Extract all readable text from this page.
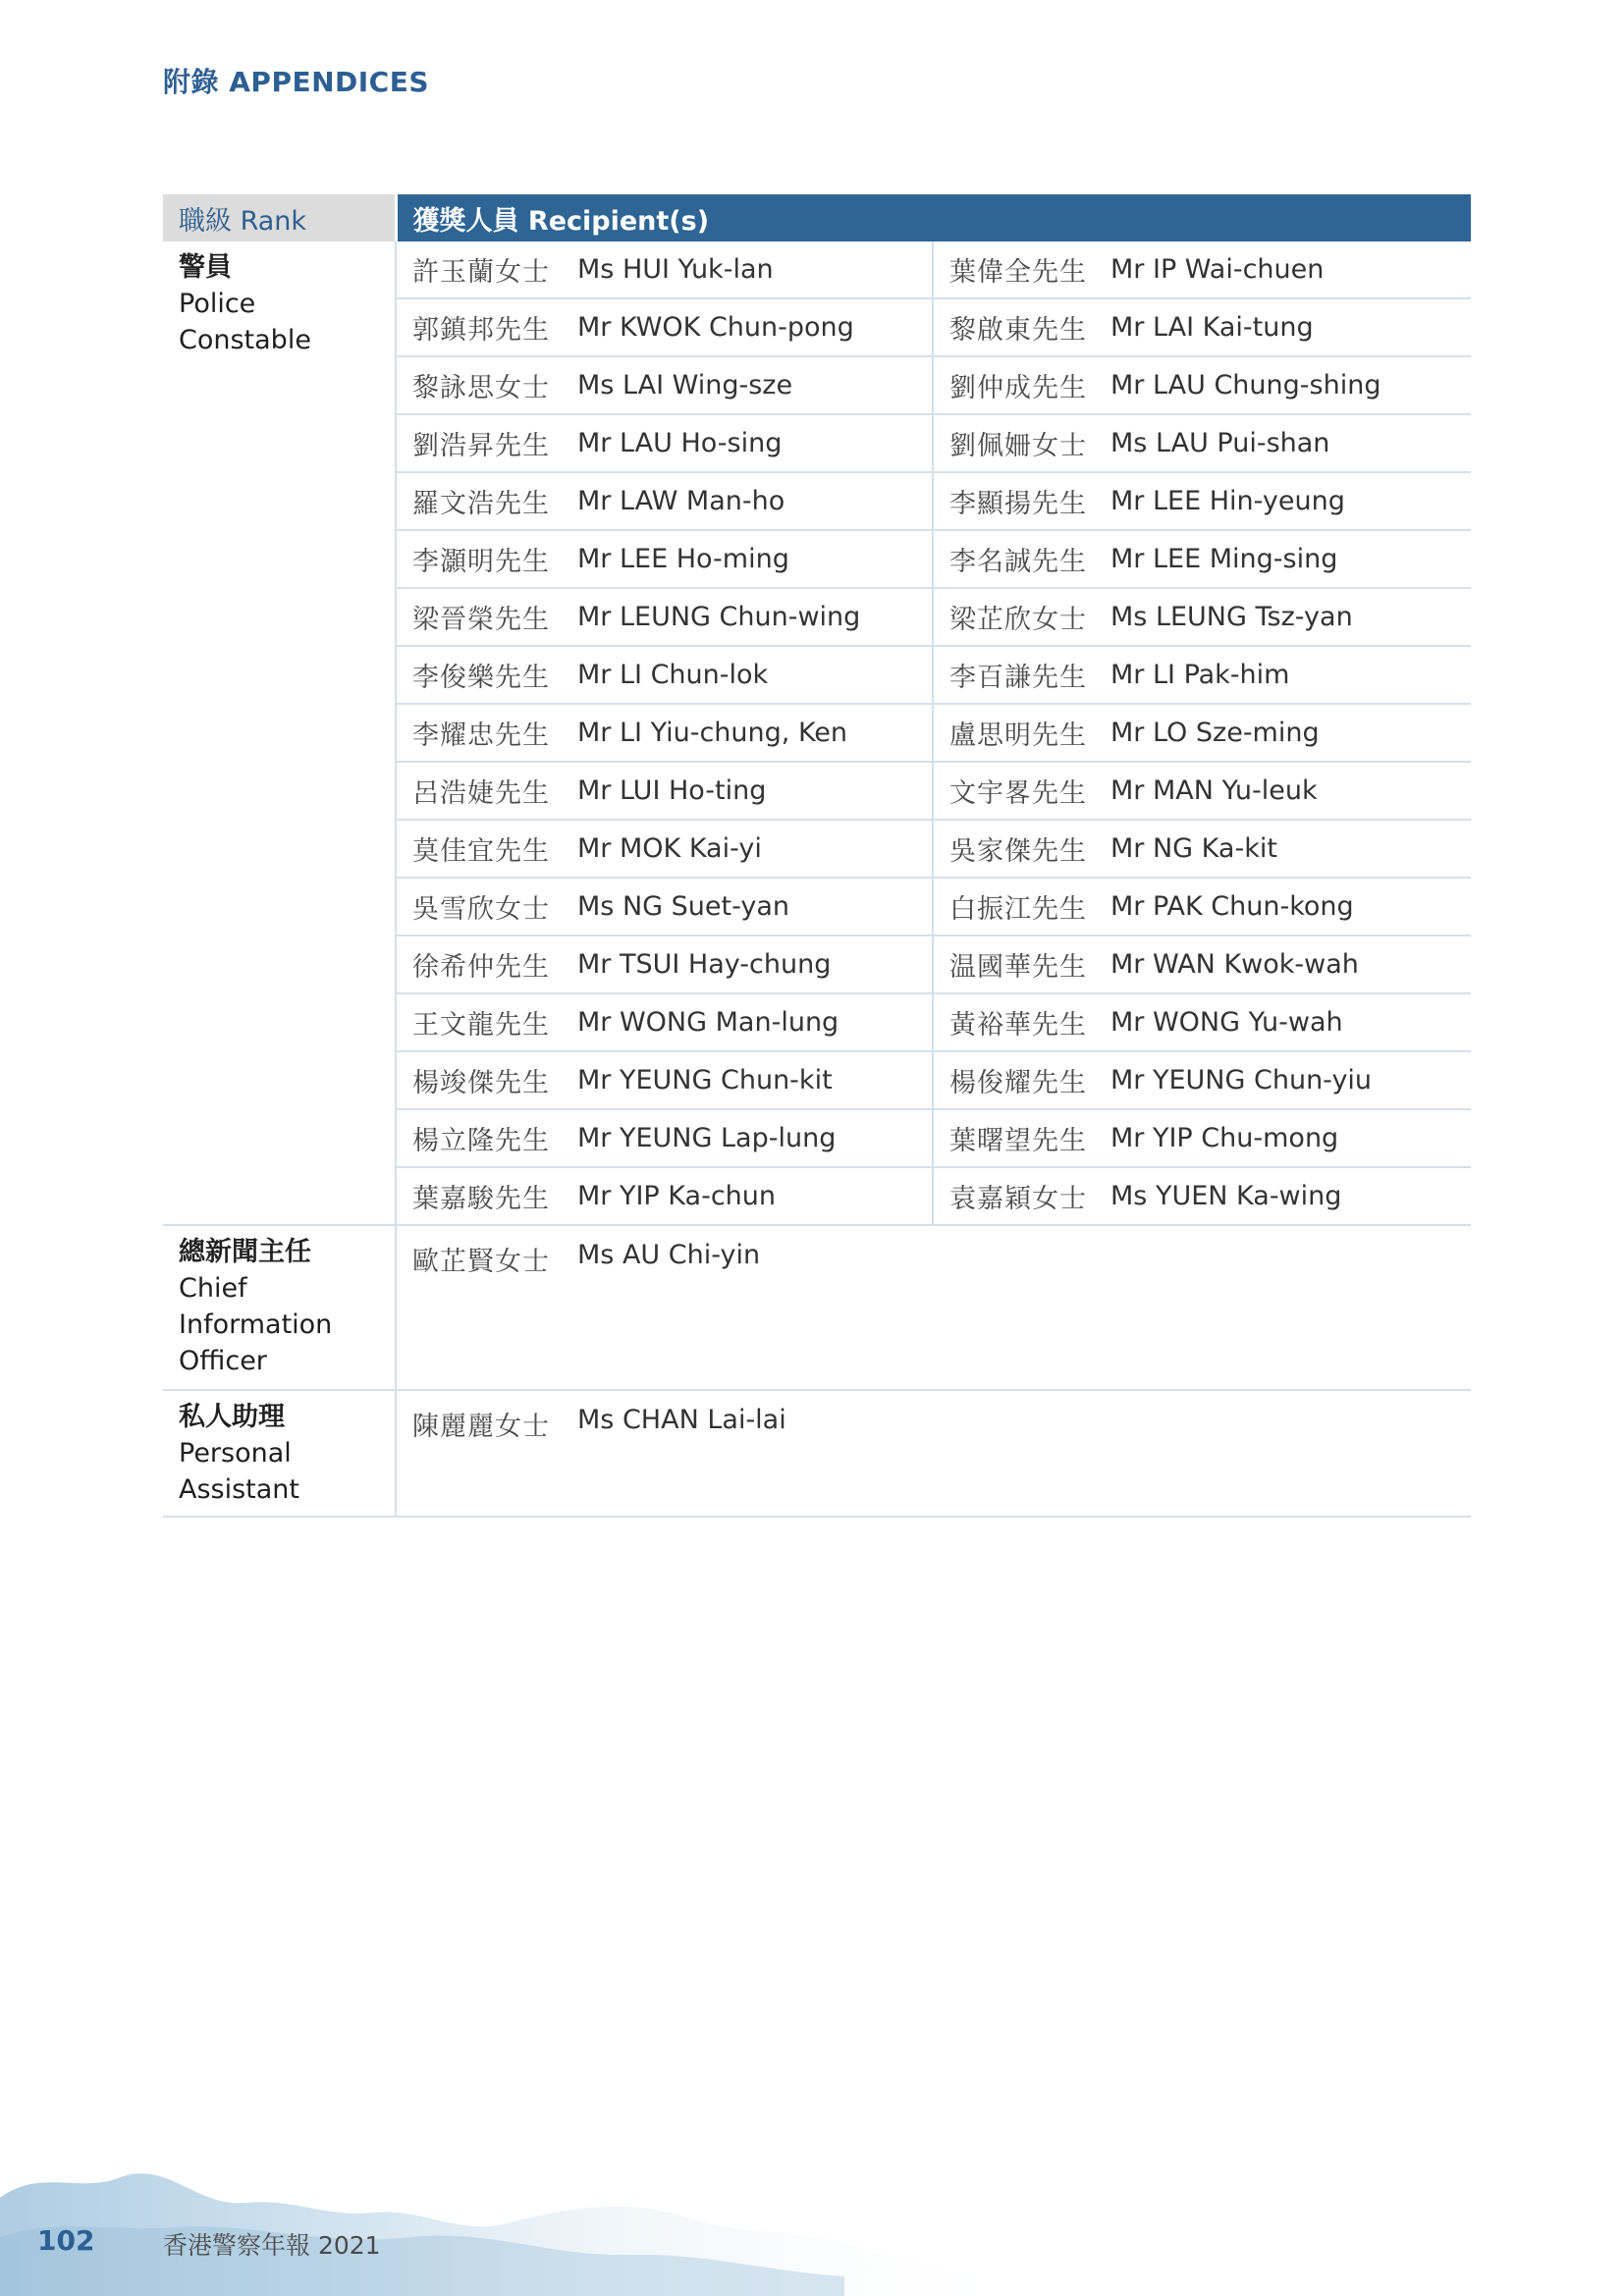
附錄 APPENDICES
職級 Rank	獲獎人員 Recipient(s)			

警員
Police
Constable	許玉蘭女士	Ms HUI Yuk-lan	葉偉全先生	Mr IP Wai-chuen
	郭鎮邦先生	Mr KWOK Chun-pong	黎啟東先生	Mr LAI Kai-tung
	黎詠思女士	Ms LAI Wing-sze	劉仲成先生	Mr LAU Chung-shing
	劉浩昇先生	Mr LAU Ho-sing	劉佩姍女士	Ms LAU Pui-shan
	羅文浩先生	Mr LAW Man-ho	李顯揚先生	Mr LEE Hin-yeung
	李灝明先生	Mr LEE Ho-ming	李名誠先生	Mr LEE Ming-sing
	梁晉榮先生	Mr LEUNG Chun-wing	梁芷欣女士	Ms LEUNG Tsz-yan
	李俊樂先生	Mr LI Chun-lok	李百謙先生	Mr LI Pak-him
	李耀忠先生	Mr LI Yiu-chung, Ken	盧思明先生	Mr LO Sze-ming
	呂浩婕先生	Mr LUI Ho-ting	文宇畧先生	Mr MAN Yu-leuk
	莫佳宜先生	Mr MOK Kai-yi	吳家傑先生	Mr NG Ka-kit
	吳雪欣女士	Ms NG Suet-yan	白振江先生	Mr PAK Chun-kong
	徐希仲先生	Mr TSUI Hay-chung	温國華先生	Mr WAN Kwok-wah
	王文龍先生	Mr WONG Man-lung	黃裕華先生	Mr WONG Yu-wah
	楊竣傑先生	Mr YEUNG Chun-kit	楊俊耀先生	Mr YEUNG Chun-yiu
	楊立隆先生	Mr YEUNG Lap-lung	葉曙望先生	Mr YIP Chu-mong
	葉嘉駿先生	Mr YIP Ka-chun	袁嘉穎女士	Ms YUEN Ka-wing

總新聞主任
Chief
Information
Officer	歐芷賢女士	Ms AU Chi-yin		

私人助理
Personal
Assistant	陳麗麗女士	Ms CHAN Lai-lai		
102	香港警察年報 2021
